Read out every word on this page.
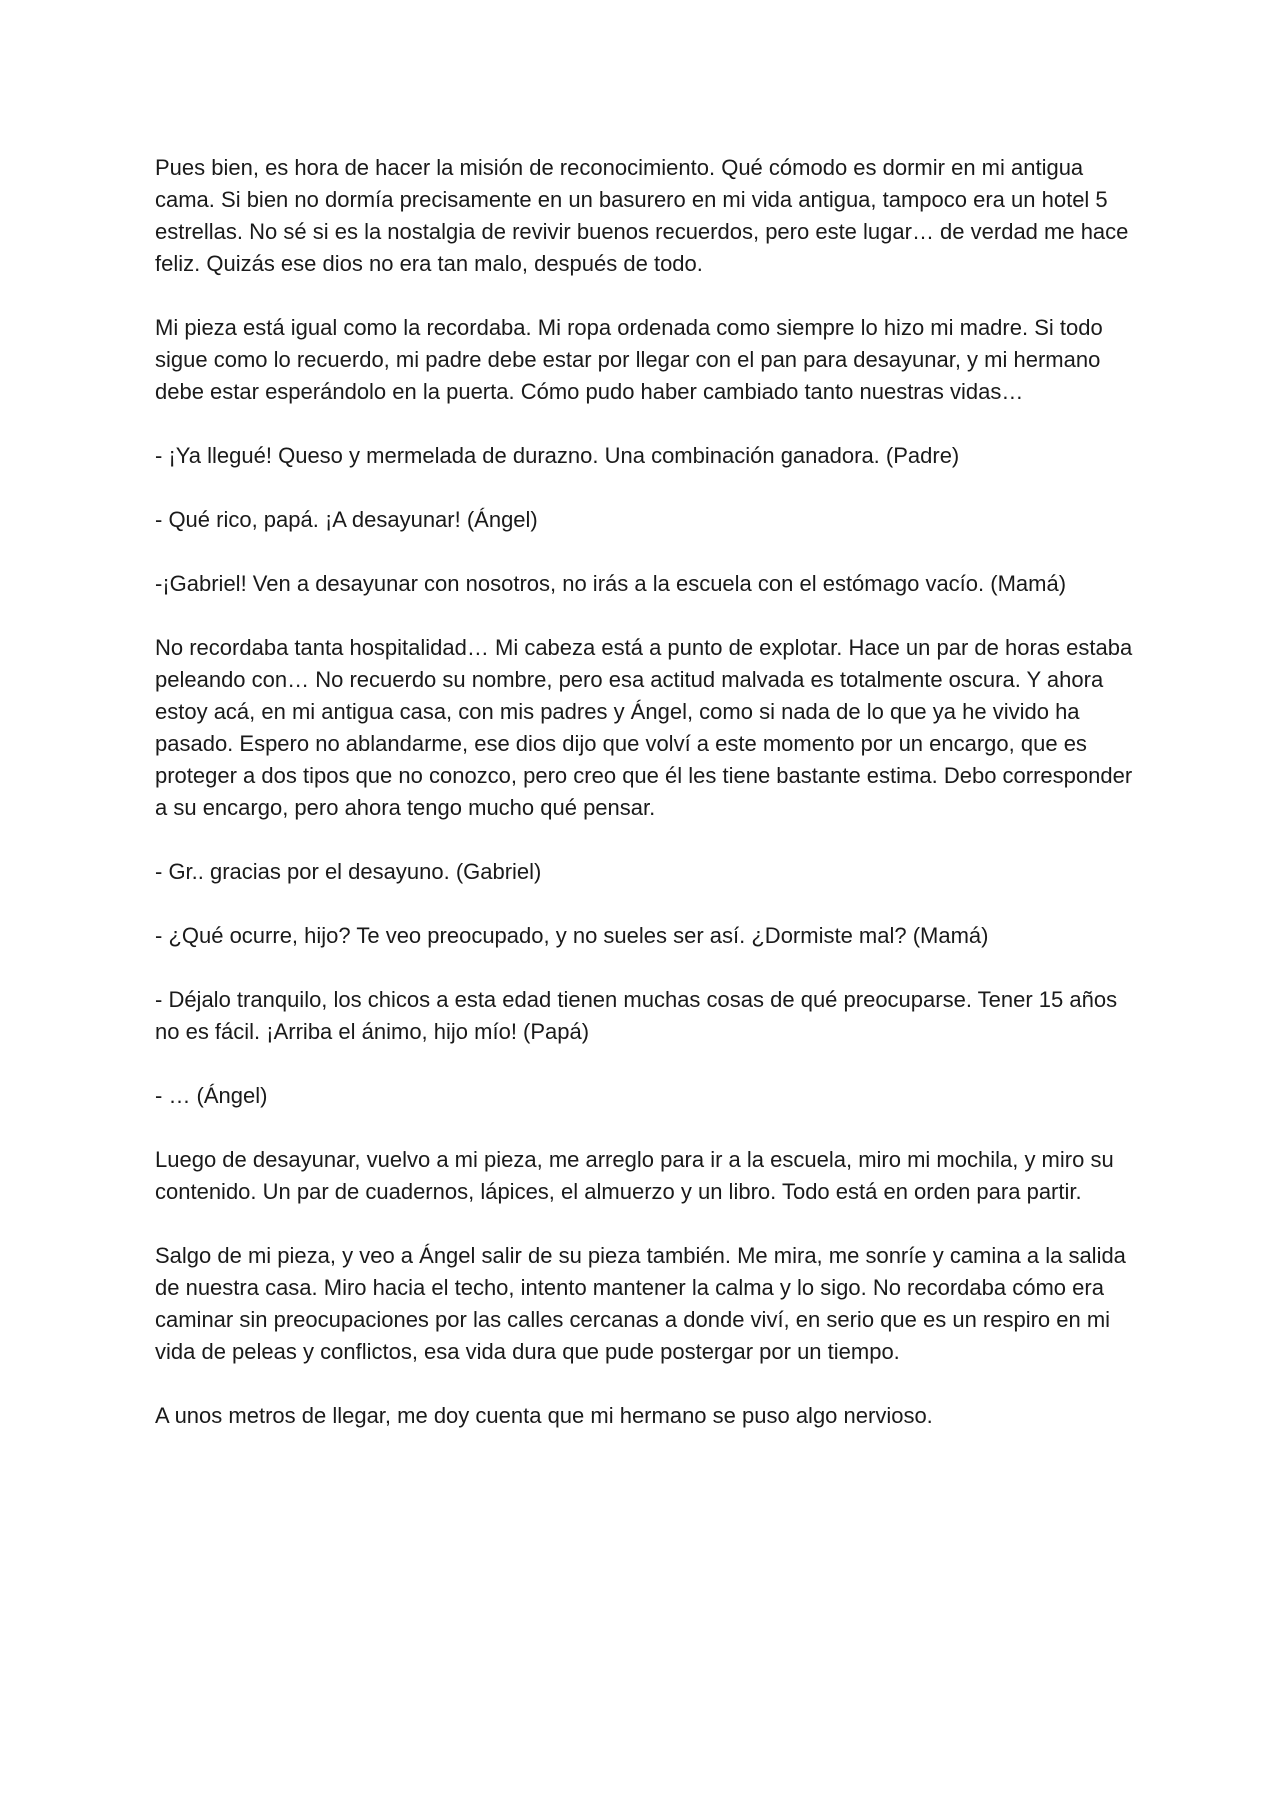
Pues bien, es hora de hacer la misión de reconocimiento. Qué cómodo es dormir en mi antigua cama. Si bien no dormía precisamente en un basurero en mi vida antigua, tampoco era un hotel 5 estrellas. No sé si es la nostalgia de revivir buenos recuerdos, pero este lugar… de verdad me hace feliz. Quizás ese dios no era tan malo, después de todo.

Mi pieza está igual como la recordaba. Mi ropa ordenada como siempre lo hizo mi madre. Si todo sigue como lo recuerdo, mi padre debe estar por llegar con el pan para desayunar, y mi hermano debe estar esperándolo en la puerta. Cómo pudo haber cambiado tanto nuestras vidas…

- ¡Ya llegué! Queso y mermelada de durazno. Una combinación ganadora. (Padre)

- Qué rico, papá. ¡A desayunar! (Ángel)

-¡Gabriel! Ven a desayunar con nosotros, no irás a la escuela con el estómago vacío. (Mamá)

No recordaba tanta hospitalidad… Mi cabeza está a punto de explotar. Hace un par de horas estaba peleando con… No recuerdo su nombre, pero esa actitud malvada es totalmente oscura. Y ahora estoy acá, en mi antigua casa, con mis padres y Ángel, como si nada de lo que ya he vivido ha pasado. Espero no ablandarme, ese dios dijo que volví a este momento por un encargo, que es proteger a dos tipos que no conozco, pero creo que él les tiene bastante estima. Debo corresponder a su encargo, pero ahora tengo mucho qué pensar.

- Gr.. gracias por el desayuno. (Gabriel)

- ¿Qué ocurre, hijo? Te veo preocupado, y no sueles ser así. ¿Dormiste mal? (Mamá)

- Déjalo tranquilo, los chicos a esta edad tienen muchas cosas de qué preocuparse. Tener 15 años no es fácil. ¡Arriba el ánimo, hijo mío! (Papá)

- … (Ángel)

Luego de desayunar, vuelvo a mi pieza, me arreglo para ir a la escuela, miro mi mochila, y miro su contenido. Un par de cuadernos, lápices, el almuerzo y un libro. Todo está en orden para partir.

Salgo de mi pieza, y veo a Ángel salir de su pieza también. Me mira, me sonríe y camina a la salida de nuestra casa. Miro hacia el techo, intento mantener la calma y lo sigo. No recordaba cómo era caminar sin preocupaciones por las calles cercanas a donde viví, en serio que es un respiro en mi vida de peleas y conflictos, esa vida dura que pude postergar por un tiempo.

A unos metros de llegar, me doy cuenta que mi hermano se puso algo nervioso.
